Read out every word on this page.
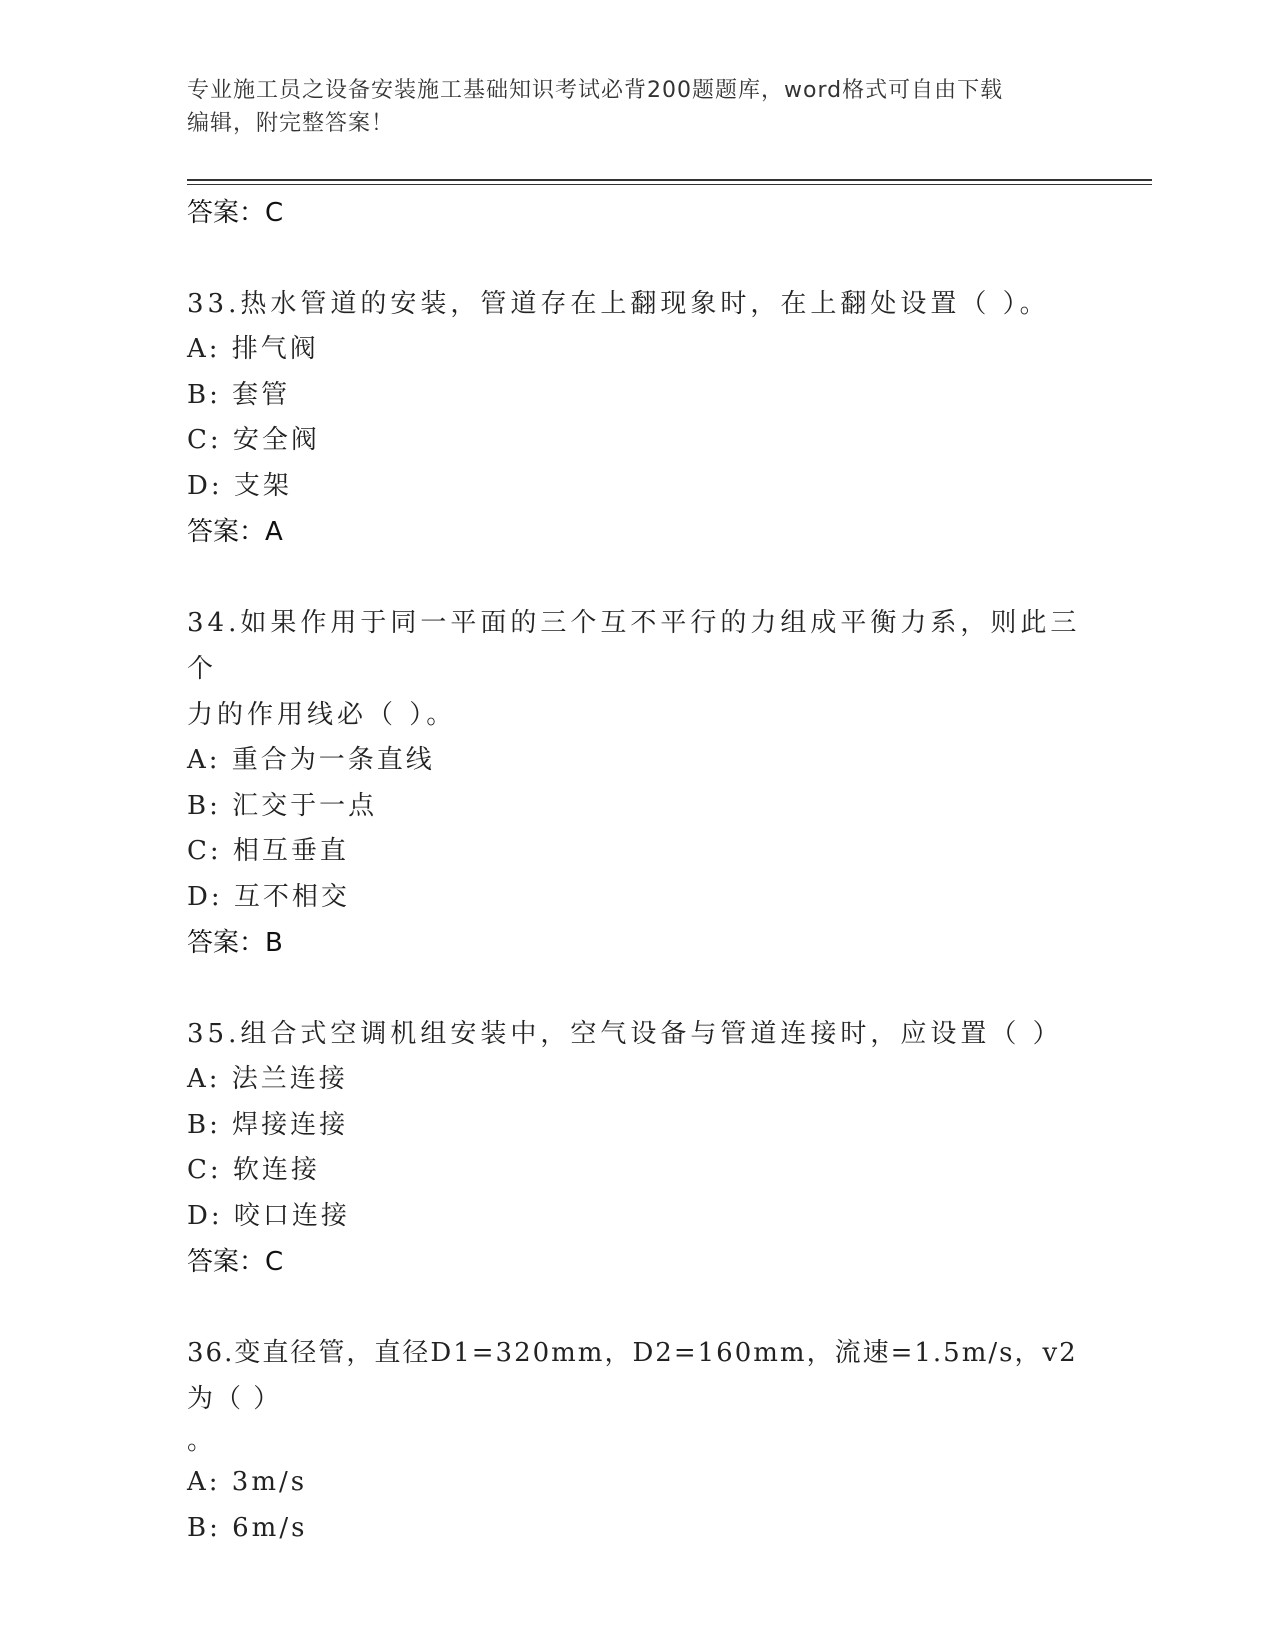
专业施工员之设备安装施工基础知识考试必背200题题库，word格式可自由下载
编辑，附完整答案！
答案：C
33.热水管道的安装，管道存在上翻现象时，在上翻处设置（ ）。
A: 排气阀
B: 套管
C: 安全阀
D: 支架
答案：A
34.如果作用于同一平面的三个互不平行的力组成平衡力系，则此三个
力的作用线必（ ）。
A: 重合为一条直线
B: 汇交于一点
C: 相互垂直
D: 互不相交
答案：B
35.组合式空调机组安装中，空气设备与管道连接时，应设置（ ）
A: 法兰连接
B: 焊接连接
C: 软连接
D: 咬口连接
答案：C
36.变直径管，直径D1=320mm，D2=160mm，流速=1.5m/s，v2为（ ）
。
A: 3m/s
B: 6m/s
